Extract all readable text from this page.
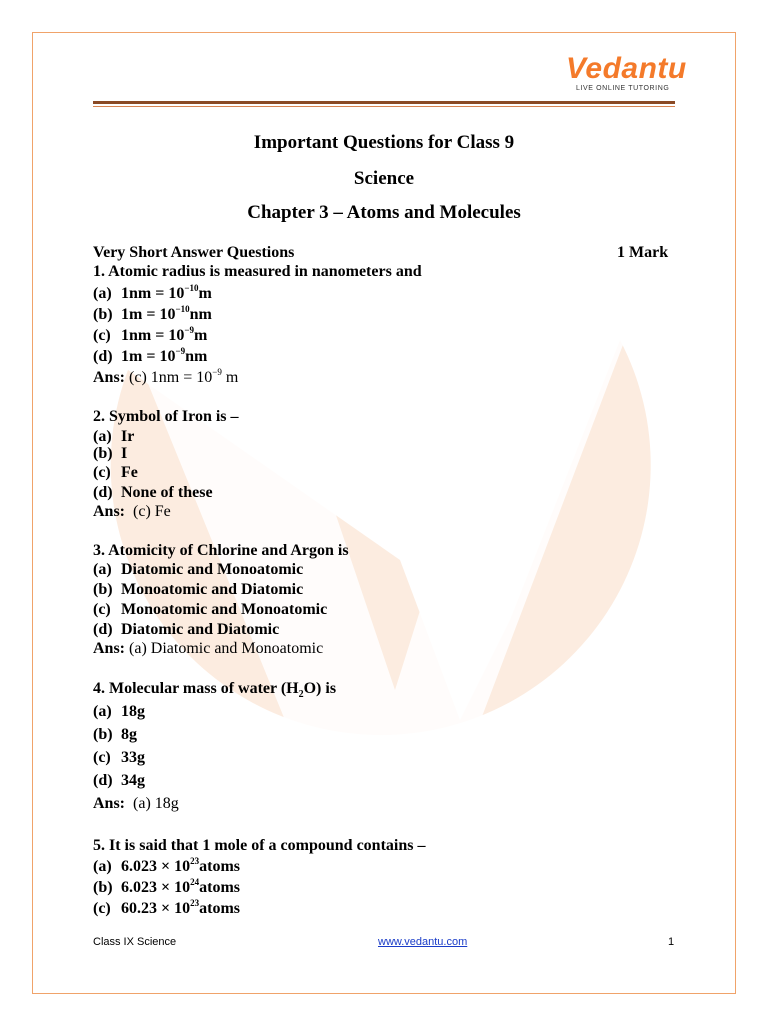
Vedantu
LIVE ONLINE TUTORING
Important Questions for Class 9
Science
Chapter 3 – Atoms and Molecules
Very Short Answer Questions	1 Mark
1. Atomic radius is measured in nanometers and
(a) $1nm = 10^{-10}m$
(b) $1m = 10^{-10}nm$
(c) $1nm = 10^{-9}m$
(d) $1m = 10^{-9}nm$
Ans: (c) $1nm = 10^{-9}$ m
2. Symbol of Iron is –
(a) Ir
(b) I
(c) Fe
(d) None of these
Ans: (c) Fe
3. Atomicity of Chlorine and Argon is
(a) Diatomic and Monoatomic
(b) Monoatomic and Diatomic
(c) Monoatomic and Monoatomic
(d) Diatomic and Diatomic
Ans: (a) Diatomic and Monoatomic
4. Molecular mass of water $(H_2O)$ is
(a) 18g
(b) 8g
(c) 33g
(d) 34g
Ans: (a) 18g
5. It is said that 1 mole of a compound contains –
(a) $6.023 \times 10^{23}atoms$
(b) $6.023 \times 10^{24}atoms$
(c) $60.23 \times 10^{23}atoms$
Class IX Science	www.vedantu.com	1
